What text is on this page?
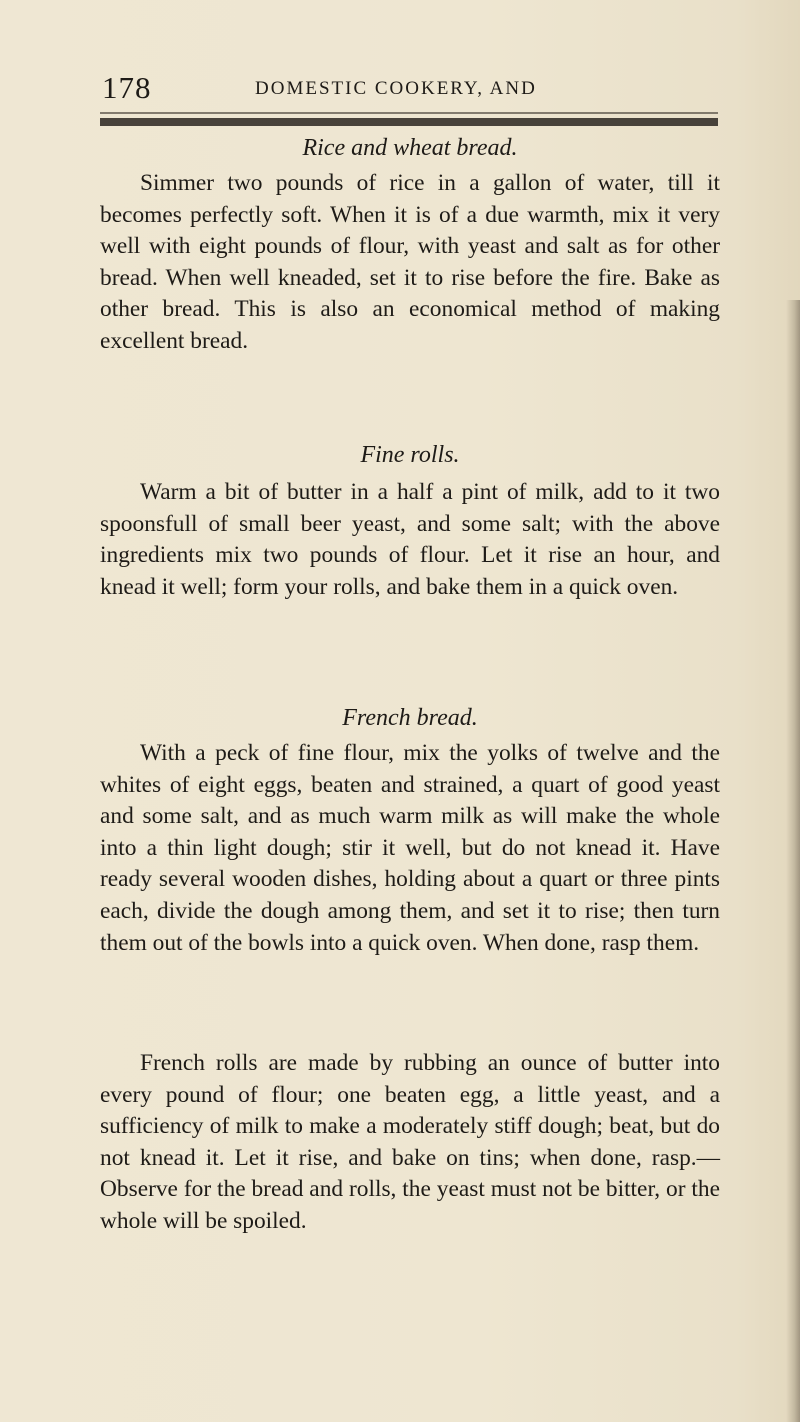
178	DOMESTIC COOKERY, AND

Rice and wheat bread.

Simmer two pounds of rice in a gallon of water, till it becomes perfectly soft. When it is of a due warmth, mix it very well with eight pounds of flour, with yeast and salt as for other bread. When well kneaded, set it to rise before the fire. Bake as other bread. This is also an economical method of making excellent bread.

Fine rolls.

Warm a bit of butter in a half a pint of milk, add to it two spoonsfull of small beer yeast, and some salt; with the above ingredients mix two pounds of flour. Let it rise an hour, and knead it well; form your rolls, and bake them in a quick oven.

French bread.

With a peck of fine flour, mix the yolks of twelve and the whites of eight eggs, beaten and strained, a quart of good yeast and some salt, and as much warm milk as will make the whole into a thin light dough; stir it well, but do not knead it. Have ready several wooden dishes, holding about a quart or three pints each, divide the dough among them, and set it to rise; then turn them out of the bowls into a quick oven. When done, rasp them.

French rolls are made by rubbing an ounce of butter into every pound of flour; one beaten egg, a little yeast, and a sufficiency of milk to make a moderately stiff dough; beat, but do not knead it. Let it rise, and bake on tins; when done, rasp.— Observe for the bread and rolls, the yeast must not be bitter, or the whole will be spoiled.
